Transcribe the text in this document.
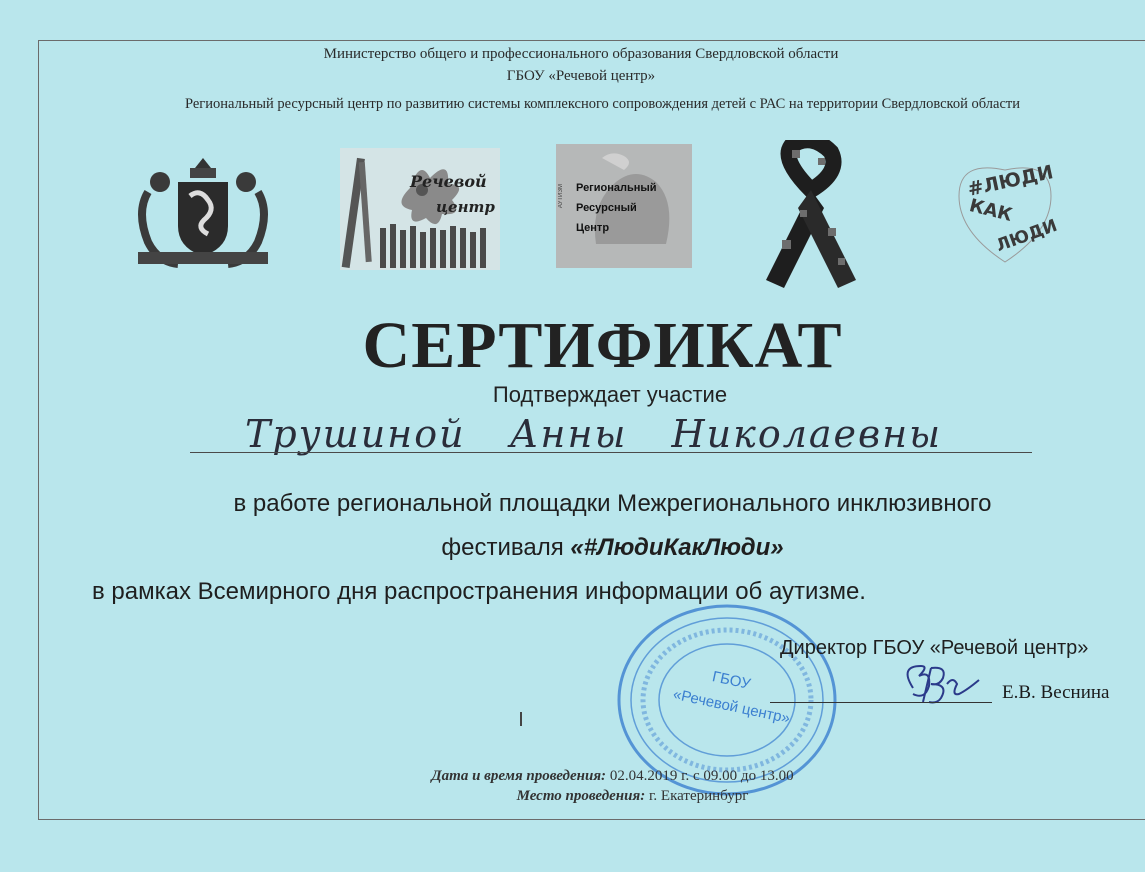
Министерство общего и профессионального образования Свердловской области
ГБОУ «Речевой центр»
Региональный ресурсный центр по развитию системы комплексного сопровождения детей с РАС на территории Свердловской области
Речевой
центр	АУТИЗМ Региональный
Ресурсный
Центр
#ЛЮДИ
КАК
ЛЮДИ
СЕРТИФИКАТ
Подтверждает участие
Трушиной Анны Николаевны
в работе региональной площадки Межрегионального инклюзивного
фестиваля «#ЛюдиКакЛюди»
в рамках Всемирного дня распространения информации об аутизме.
ГБОУ
«Речевой центр»
Директор ГБОУ «Речевой центр»
Е.В. Веснина
Дата и время проведения: 02.04.2019 г. с 09.00 до 13.00
Место проведения: г. Екатеринбург
